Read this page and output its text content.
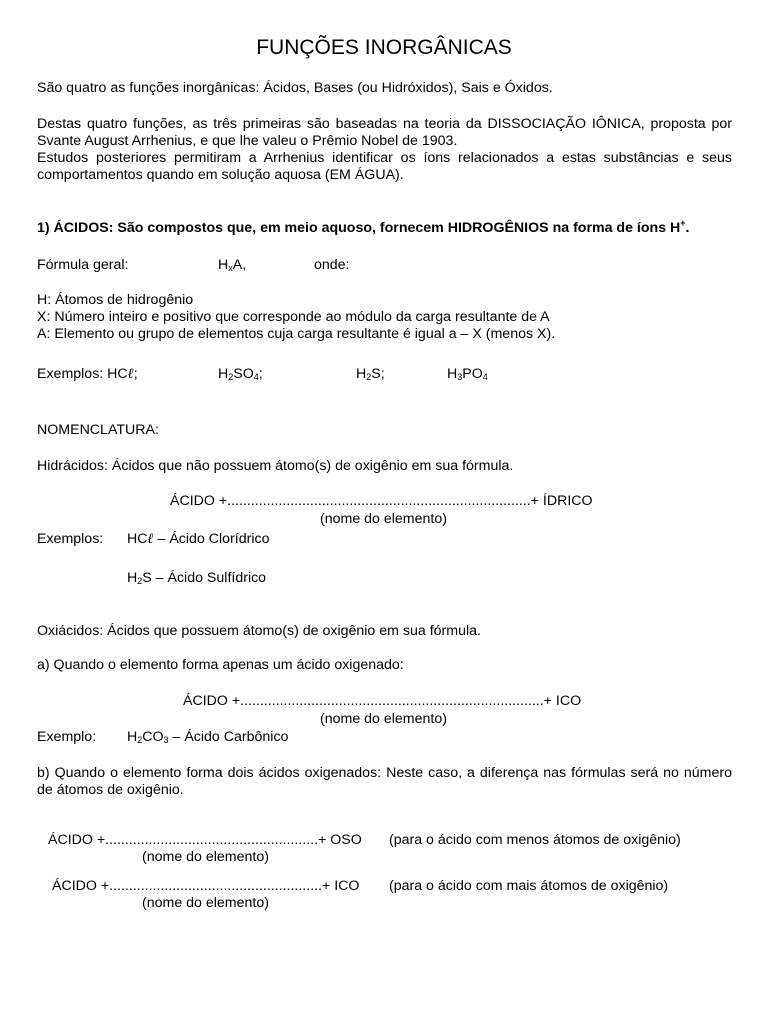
FUNÇÕES INORGÂNICAS
São quatro as funções inorgânicas: Ácidos, Bases (ou Hidróxidos), Sais e Óxidos.
Destas quatro funções, as três primeiras são baseadas na teoria da DISSOCIAÇÃO IÔNICA, proposta por
Svante August Arrhenius, e que lhe valeu o Prêmio Nobel de 1903.
Estudos posteriores permitiram a Arrhenius identificar os íons relacionados a estas substâncias e seus
comportamentos quando em solução aquosa (EM ÁGUA).
1) ÁCIDOS: São compostos que, em meio aquoso, fornecem HIDROGÊNIOS na forma de íons H+.
Fórmula geral:	$H_xA$,	onde:
H: Átomos de hidrogênio
X: Número inteiro e positivo que corresponde ao módulo da carga resultante de A
A: Elemento ou grupo de elementos cuja carga resultante é igual a – X (menos X).
Exemplos: HCℓ;	$H_2SO_4$;	$H_2S$;	$H_3PO_4$
NOMENCLATURA:
Hidrácidos: Ácidos que não possuem átomo(s) de oxigênio em sua fórmula.
ÁCIDO +.............................................................................+ ÍDRICO
(nome do elemento)
Exemplos: HCℓ – Ácido Clorídrico
$H_2S$ – Ácido Sulfídrico
Oxiácidos: Ácidos que possuem átomo(s) de oxigênio em sua fórmula.
a) Quando o elemento forma apenas um ácido oxigenado:
ÁCIDO +.............................................................................+ ICO
(nome do elemento)
Exemplo: $H_2CO_3$ – Ácido Carbônico
b) Quando o elemento forma dois ácidos oxigenados: Neste caso, a diferença nas fórmulas será no número
de átomos de oxigênio.
ÁCIDO +......................................................+ OSO (para o ácido com menos átomos de oxigênio)
(nome do elemento)
ÁCIDO +......................................................+ ICO (para o ácido com mais átomos de oxigênio)
(nome do elemento)
